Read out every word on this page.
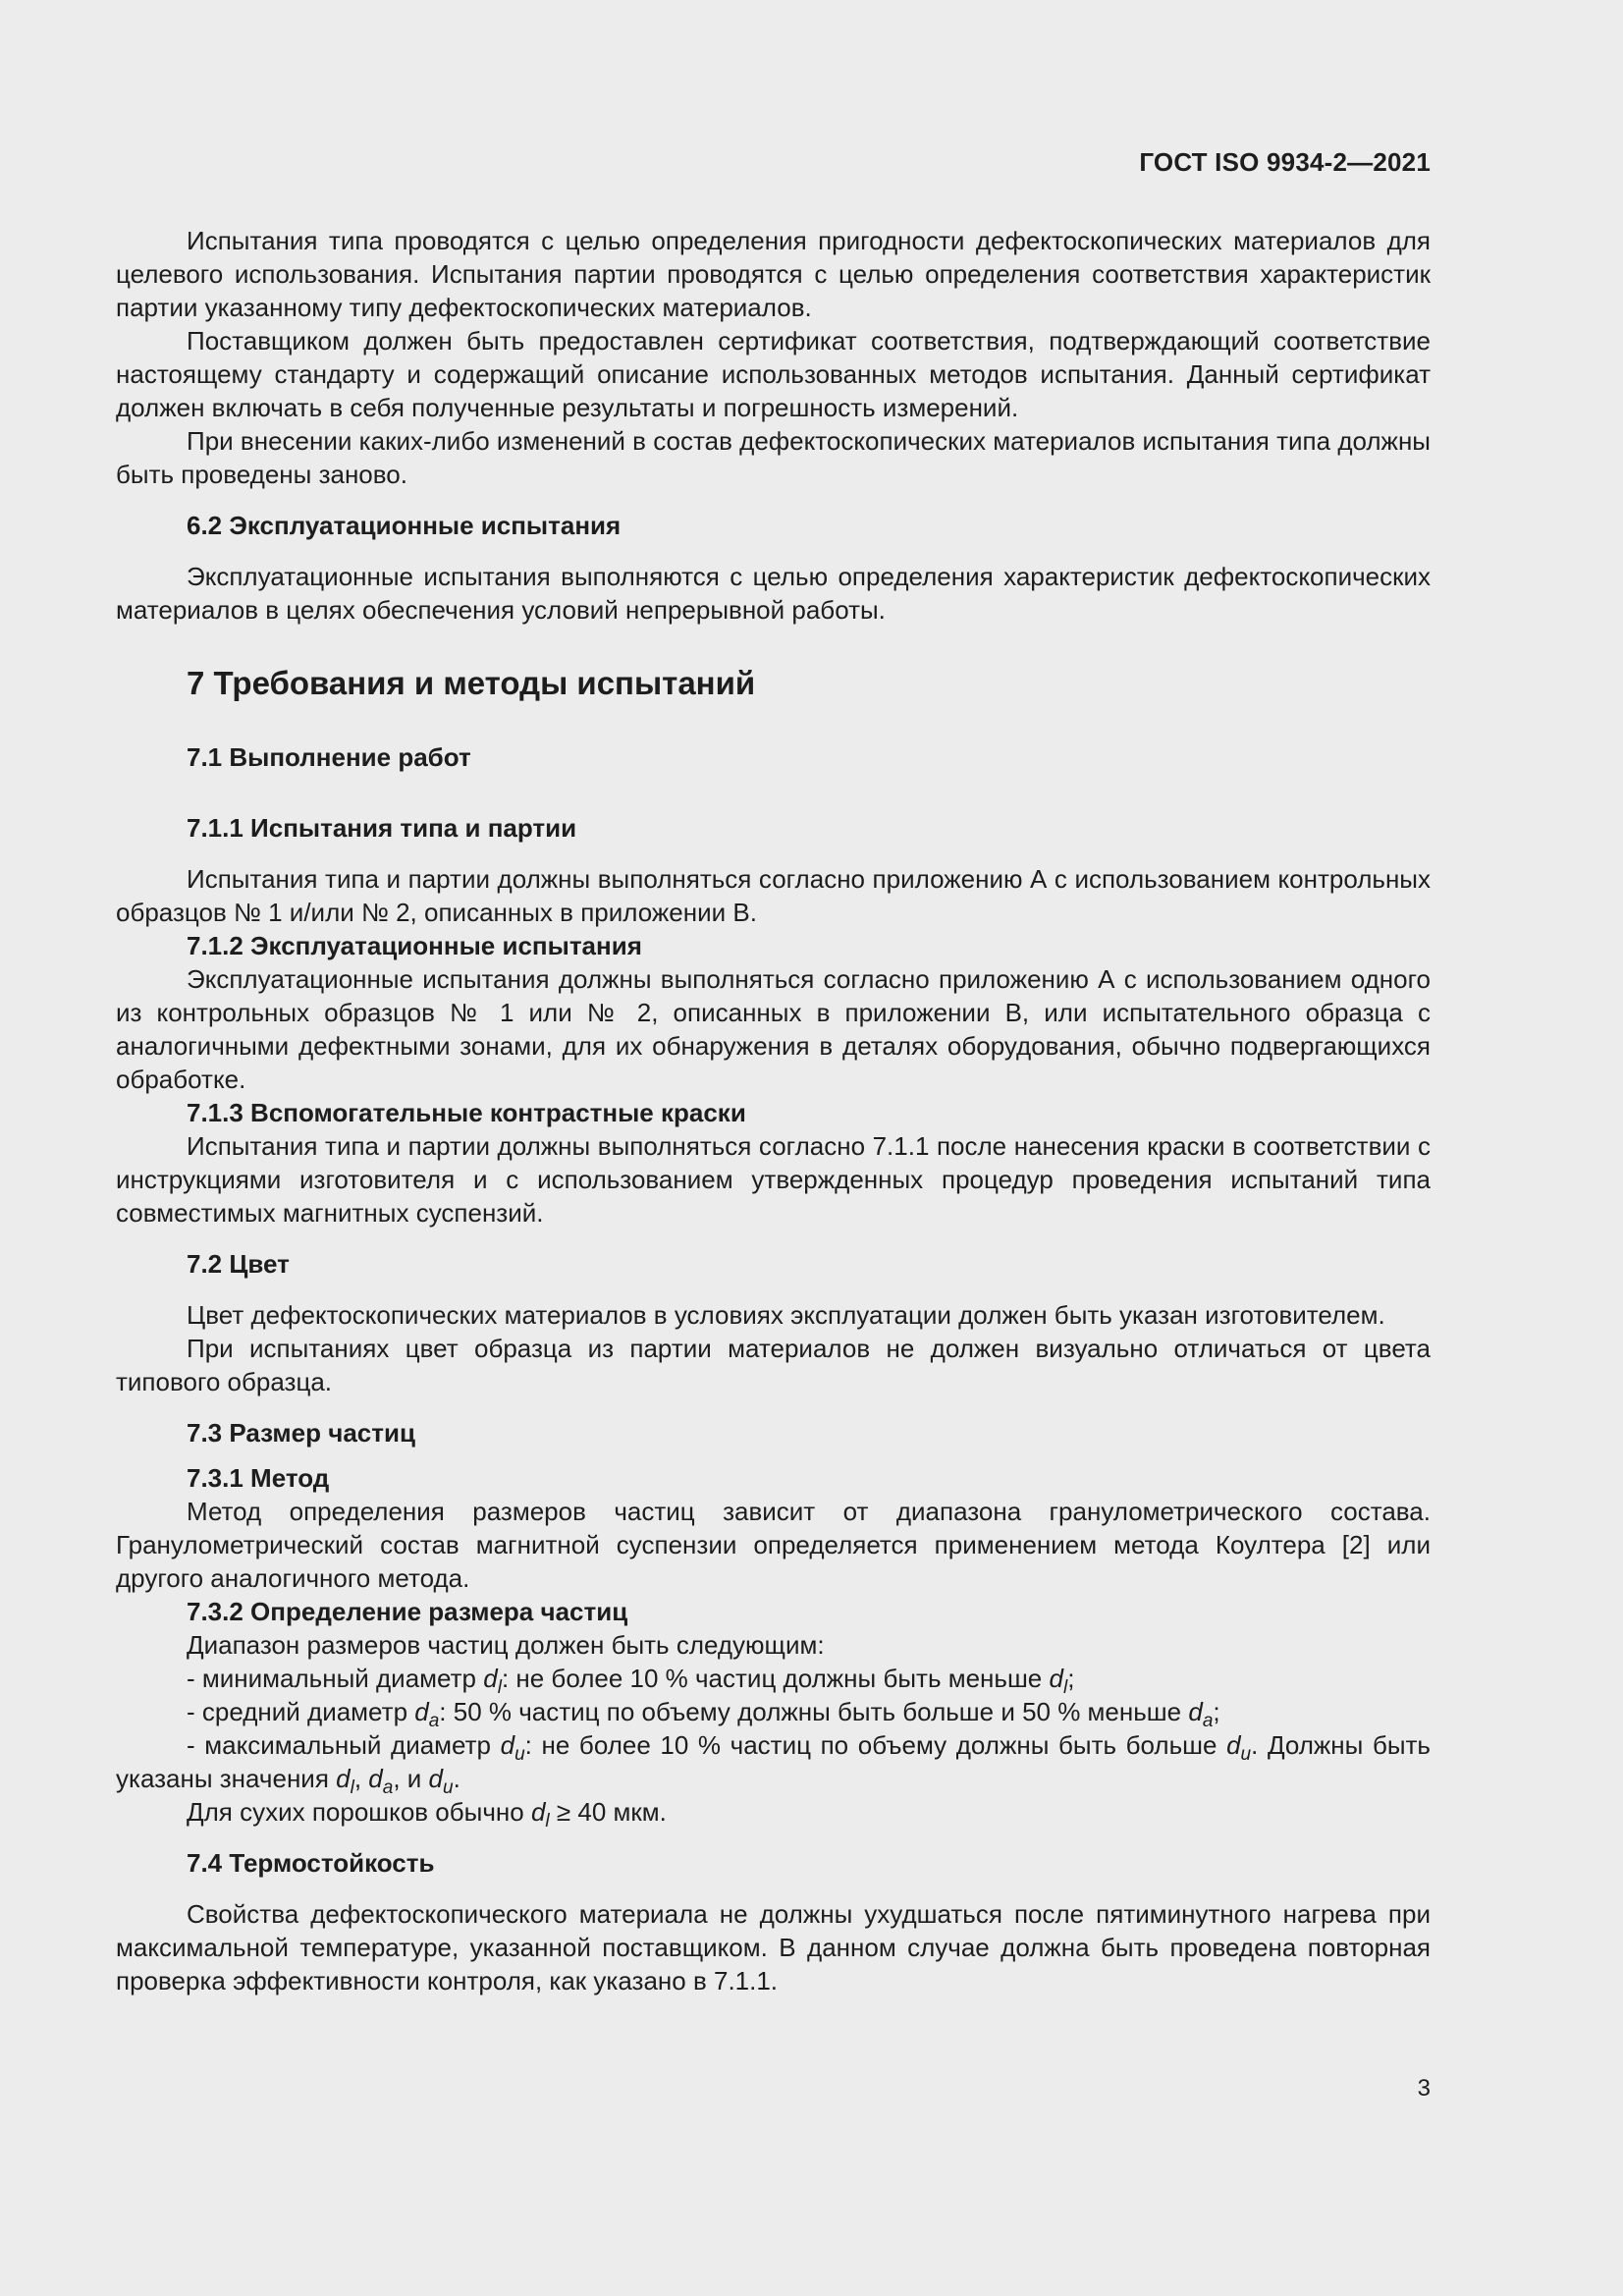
ГОСТ ISO 9934-2—2021

Испытания типа проводятся с целью определения пригодности дефектоскопических материалов для целевого использования. Испытания партии проводятся с целью определения соответствия характеристик партии указанному типу дефектоскопических материалов.

Поставщиком должен быть предоставлен сертификат соответствия, подтверждающий соответствие настоящему стандарту и содержащий описание использованных методов испытания. Данный сертификат должен включать в себя полученные результаты и погрешность измерений.

При внесении каких-либо изменений в состав дефектоскопических материалов испытания типа должны быть проведены заново.

6.2 Эксплуатационные испытания

Эксплуатационные испытания выполняются с целью определения характеристик дефектоскопических материалов в целях обеспечения условий непрерывной работы.

7 Требования и методы испытаний
7.1 Выполнение работ
7.1.1 Испытания типа и партии

Испытания типа и партии должны выполняться согласно приложению А с использованием контрольных образцов № 1 и/или № 2, описанных в приложении В.

7.1.2 Эксплуатационные испытания

Эксплуатационные испытания должны выполняться согласно приложению А с использованием одного из контрольных образцов № 1 или № 2, описанных в приложении В, или испытательного образца с аналогичными дефектными зонами, для их обнаружения в деталях оборудования, обычно подвергающихся обработке.

7.1.3 Вспомогательные контрастные краски

Испытания типа и партии должны выполняться согласно 7.1.1 после нанесения краски в соответствии с инструкциями изготовителя и с использованием утвержденных процедур проведения испытаний типа совместимых магнитных суспензий.

7.2 Цвет

Цвет дефектоскопических материалов в условиях эксплуатации должен быть указан изготовителем.

При испытаниях цвет образца из партии материалов не должен визуально отличаться от цвета типового образца.

7.3 Размер частиц
7.3.1 Метод

Метод определения размеров частиц зависит от диапазона гранулометрического состава. Гранулометрический состав магнитной суспензии определяется применением метода Коултера [2] или другого аналогичного метода.

7.3.2 Определение размера частиц

Диапазон размеров частиц должен быть следующим:

- минимальный диаметр $d_l$: не более 10 % частиц должны быть меньше $d_l$;

- средний диаметр $d_a$: 50 % частиц по объему должны быть больше и 50 % меньше $d_a$;

- максимальный диаметр $d_u$: не более 10 % частиц по объему должны быть больше $d_u$. Должны быть указаны значения $d_l$, $d_a$, и $d_u$.

Для сухих порошков обычно $d_l \ge 40$ мкм.

7.4 Термостойкость

Свойства дефектоскопического материала не должны ухудшаться после пятиминутного нагрева при максимальной температуре, указанной поставщиком. В данном случае должна быть проведена повторная проверка эффективности контроля, как указано в 7.1.1.

3
